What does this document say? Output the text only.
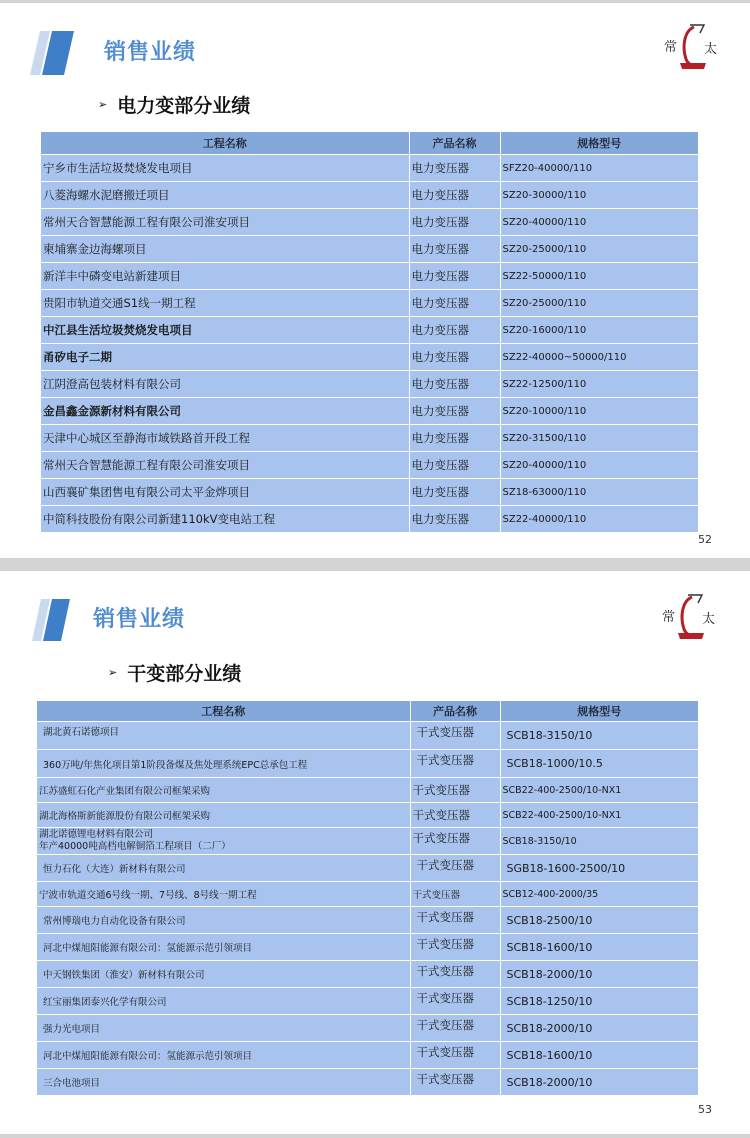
销售业绩	常 太
➢ 电力变部分业绩
工程名称	产品名称	规格型号
宁乡市生活垃圾焚烧发电项目	电力变压器	SFZ20-40000/110
八菱海螺水泥磨搬迁项目	电力变压器	SZ20-30000/110
常州天合智慧能源工程有限公司淮安项目	电力变压器	SZ20-40000/110
柬埔寨金边海螺项目	电力变压器	SZ20-25000/110
新洋丰中磷变电站新建项目	电力变压器	SZ22-50000/110
贵阳市轨道交通S1线一期工程	电力变压器	SZ20-25000/110
中江县生活垃圾焚烧发电项目	电力变压器	SZ20-16000/110
甬矽电子二期	电力变压器	SZ22-40000~50000/110
江阴澄高包装材料有限公司	电力变压器	SZ22-12500/110
金昌鑫金源新材料有限公司	电力变压器	SZ20-10000/110
天津中心城区至静海市域铁路首开段工程	电力变压器	SZ20-31500/110
常州天合智慧能源工程有限公司淮安项目	电力变压器	SZ20-40000/110
山西襄矿集团售电有限公司太平金烨项目	电力变压器	SZ18-63000/110
中简科技股份有限公司新建110kV变电站工程	电力变压器	SZ22-40000/110
52
销售业绩	常 太
➢ 干变部分业绩
工程名称	产品名称	规格型号
湖北黄石诺德项目	干式变压器	SCB18-3150/10
360万吨/年焦化项目第1阶段备煤及焦处理系统EPC总承包工程	干式变压器	SCB18-1000/10.5
江苏盛虹石化产业集团有限公司框架采购	干式变压器	SCB22-400-2500/10-NX1
湖北海格斯新能源股份有限公司框架采购	干式变压器	SCB22-400-2500/10-NX1
湖北诺德锂电材料有限公司
年产40000吨高档电解铜箔工程项目（二厂）	干式变压器	SCB18-3150/10
恒力石化（大连）新材料有限公司	干式变压器	SGB18-1600-2500/10
宁波市轨道交通6号线一期、7号线、8号线一期工程	干式变压器	SCB12-400-2000/35
常州博瑞电力自动化设备有限公司	干式变压器	SCB18-2500/10
河北中煤旭阳能源有限公司：氢能源示范引领项目	干式变压器	SCB18-1600/10
中天钢铁集团（淮安）新材料有限公司	干式变压器	SCB18-2000/10
红宝丽集团泰兴化学有限公司	干式变压器	SCB18-1250/10
强力光电项目	干式变压器	SCB18-2000/10
河北中煤旭阳能源有限公司：氢能源示范引领项目	干式变压器	SCB18-1600/10
三合电池项目	干式变压器	SCB18-2000/10
53
